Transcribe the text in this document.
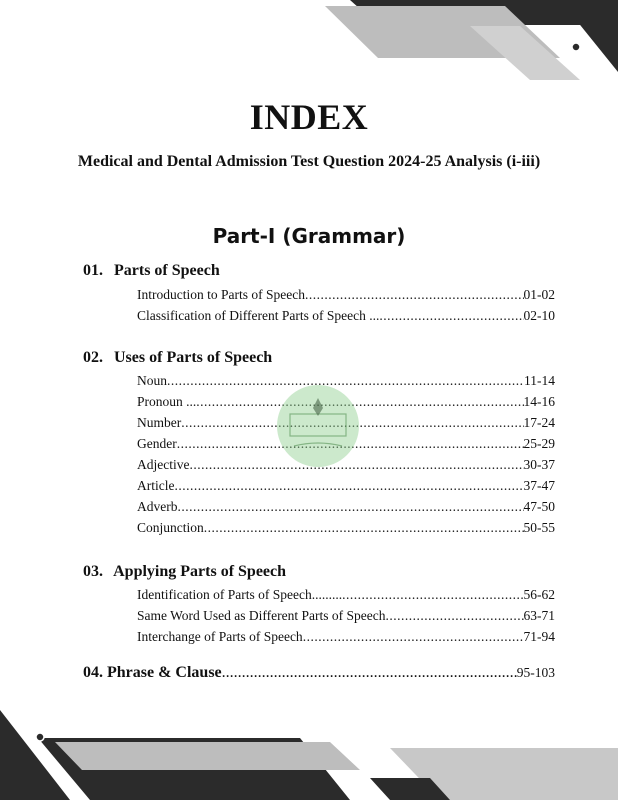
INDEX
Medical and Dental Admission Test Question 2024-25 Analysis (i-iii)
Part-I (Grammar)
01. Parts of Speech
Introduction to Parts of Speech .....	01-02
Classification of Different Parts of Speech ... .....	02-10
02. Uses of Parts of Speech
Noun .....	11-14
Pronoun ... .....	14-16
Number .....	17-24
Gender .....	25-29
Adjective .....	30-37
Article .....	37-47
Adverb .....	47-50
Conjunction .....	50-55
03. Applying Parts of Speech
Identification of Parts of Speech......... .....	56-62
Same Word Used as Different Parts of Speech .....	63-71
Interchange of Parts of Speech .....	71-94
04. Phrase & Clause .....	95-103
